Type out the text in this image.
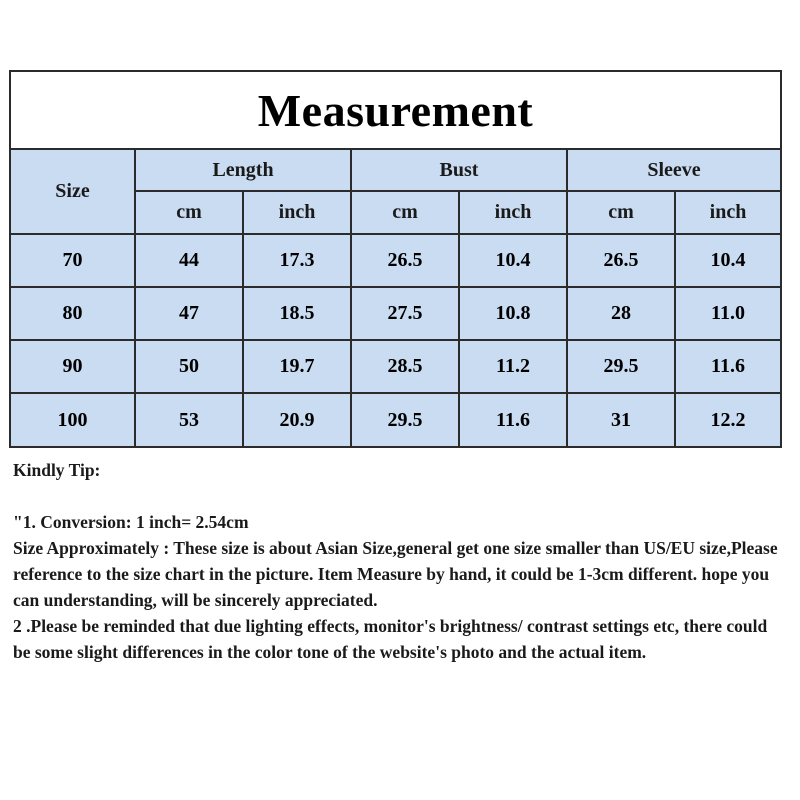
Measurement
Size	Length		Bust		Sleeve	
	cm	inch	cm	inch	cm	inch
70	44	17.3	26.5	10.4	26.5	10.4
80	47	18.5	27.5	10.8	28	11.0
90	50	19.7	28.5	11.2	29.5	11.6
100	53	20.9	29.5	11.6	31	12.2

Kindly Tip:

"1. Conversion: 1 inch= 2.54cm

Size Approximately : These size is about Asian Size,general get one size smaller than US/EU size,Please reference to the size chart in the picture. Item Measure by hand, it could be 1-3cm different. hope you can understanding, will be sincerely appreciated.

2 .Please be reminded that due lighting effects, monitor's brightness/ contrast settings etc, there could be some slight differences in the color tone of the website's photo and the actual item.
